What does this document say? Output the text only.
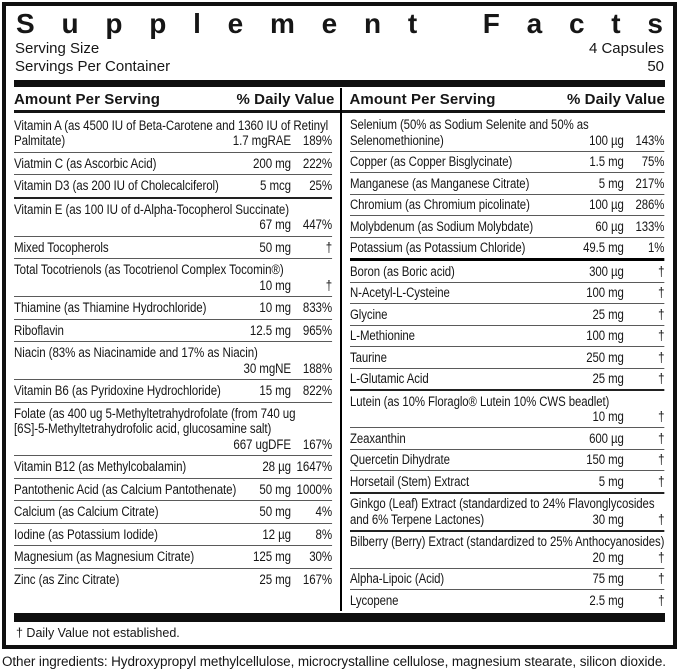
S u p p l e m e n t F a c t s
Serving Size	4 Capsules
Servings Per Container	50
Amount Per Serving	% Daily Value
Vitamin A (as 4500 IU of Beta-Carotene and 1360 IU of Retinyl Palmitate)	1.7 mgRAE 189%
Viatmin C (as Ascorbic Acid)	200 mg 222%
Vitamin D3 (as 200 IU of Cholecalciferol)	5 mcg	25%
Vitamin E (as 100 IU of d-Alpha-Tocopherol Succinate)
67 mg 447%
Mixed Tocopherols	50 mg	†
Total Tocotrienols (as Tocotrienol Complex Tocomin®)
10 mg	†
Thiamine (as Thiamine Hydrochloride)	10 mg 833%
Riboflavin	12.5 mg 965%
Niacin (83% as Niacinamide and 17% as Niacin)
30 mgNE 188%
Vitamin B6 (as Pyridoxine Hydrochloride)	15 mg 822%
Folate (as 400 ug 5-Methyltetrahydrofolate (from 740 ug [6S]-5-Methyltetrahydrofolic acid, glucosamine salt)
667 ugDFE 167%
Vitamin B12 (as Methylcobalamin)	28 µg 1647%
Pantothenic Acid (as Calcium Pantothenate)	50 mg 1000%
Calcium (as Calcium Citrate)	50 mg	4%
Iodine (as Potassium Iodide)	12 µg	8%
Magnesium (as Magnesium Citrate)	125 mg	30%
Zinc (as Zinc Citrate)	25 mg 167%
Amount Per Serving	% Daily Value
Selenium (50% as Sodium Selenite and 50% as Selenomethionine)	100 µg 143%
Copper (as Copper Bisglycinate)	1.5 mg	75%
Manganese (as Manganese Citrate)	5 mg 217%
Chromium (as Chromium picolinate)	100 µg 286%
Molybdenum (as Sodium Molybdate)	60 µg 133%
Potassium (as Potassium Chloride)	49.5 mg	1%
Boron (as Boric acid)	300 µg	†
N-Acetyl-L-Cysteine	100 mg	†
Glycine	25 mg	†
L-Methionine	100 mg	†
Taurine	250 mg	†
L-Glutamic Acid	25 mg	†
Lutein (as 10% Floraglo® Lutein 10% CWS beadlet)
10 mg	†
Zeaxanthin	600 µg	†
Quercetin Dihydrate	150 mg	†
Horsetail (Stem) Extract	5 mg	†
Ginkgo (Leaf) Extract (standardized to 24% Flavonglycosides and 6% Terpene Lactones)	30 mg	†
Bilberry (Berry) Extract (standardized to 25% Anthocyanosides)
20 mg	†
Alpha-Lipoic (Acid)	75 mg	†
Lycopene	2.5 mg	†
† Daily Value not established.
Other ingredients: Hydroxypropyl methylcellulose, microcrystalline cellulose, magnesium stearate, silicon dioxide.
